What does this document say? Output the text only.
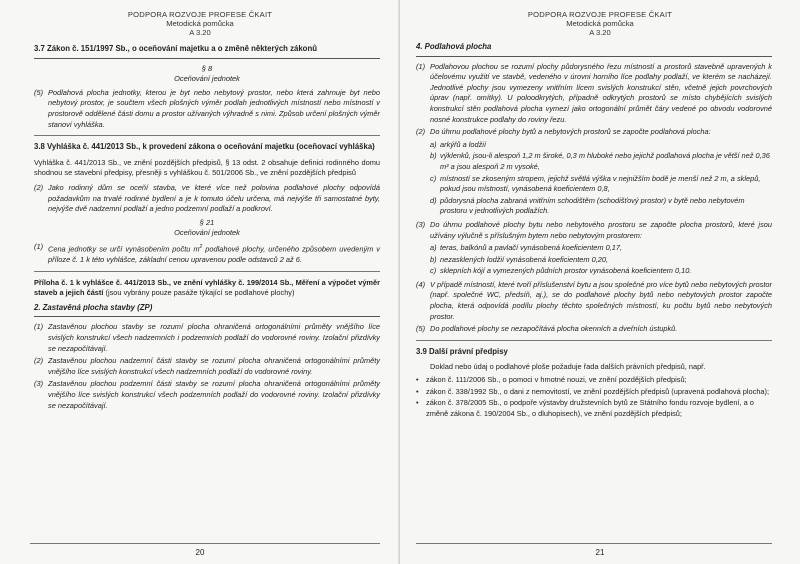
PODPORA ROZVOJE PROFESE ČKAIT
Metodická pomůcka
A 3.20
3.7 Zákon č. 151/1997 Sb., o oceňování majetku a o změně některých zákonů
§ 8
Oceňování jednotek
(5) Podlahová plocha jednotky, kterou je byt nebo nebytový prostor, nebo která zahrnuje byt nebo nebytový prostor, je součtem všech plošných výměr podlah jednotlivých místností nebo místností v prostorově oddělené části domu a prostor užívaných výhradně s nimi. Způsob určení plošných výměr stanoví vyhláška.
3.8 Vyhláška č. 441/2013 Sb., k provedení zákona o oceňování majetku (oceňovací vyhláška)
Vyhláška č. 441/2013 Sb., ve znění pozdějších předpisů, § 13 odst. 2 obsahuje definici rodinného domu shodnou se stavební předpisy, přesněji s vyhláškou č. 501/2006 Sb., ve znění pozdějších předpisů
(2) Jako rodinný dům se oceňí stavba, ve které více než polovina podlahové plochy odpovídá požadavkům na trvalé rodinné bydlení a je k tomuto účelu určena, má nejvýše tři samostatné byty, nejvýše dvě nadzemní podlaží a jedno podzemní podlaží a podkroví.
§ 21
Oceňování jednotek
(1) Cena jednotky se určí vynásobením počtu $m^2$ podlahové plochy, určeného způsobem uvedeným v příloze č. 1 k této vyhlášce, základní cenou upravenou podle odstavců 2 až 6.
Příloha č. 1 k vyhlášce č. 441/2013 Sb., ve znění vyhlášky č. 199/2014 Sb., Měření a výpočet výměr staveb a jejich částí (jsou vybrány pouze pasáže týkající se podlahové plochy)
2. Zastavěná plocha stavby (ZP)
(1) Zastavěnou plochou stavby se rozumí plocha ohraničená ortogonálními průměty vnějšího líce svislých konstrukcí všech nadzemních i podzemních podlaží do vodorovné roviny. Izolační přizdívky se nezapočítávají.
(2) Zastavěnou plochou nadzemní části stavby se rozumí plocha ohraničená ortogonálními průměty vnějšího líce svislých konstrukcí všech nadzemních podlaží do vodorovné roviny.
(3) Zastavěnou plochou podzemní části stavby se rozumí plocha ohraničená ortogonálními průměty vnějšího líce svislých konstrukcí všech podzemních podlaží do vodorovné roviny. Izolační přizdívky se nezapočítávají.
20
PODPORA ROZVOJE PROFESE ČKAIT
Metodická pomůcka
A 3.20
4. Podlahová plocha
(1) Podlahovou plochou se rozumí plochy půdorysného řezu místností a prostorů stavebně upravených k účelovému využití ve stavbě, vedeného v úrovni horního líce podlahy podlaží, ve kterém se nacházejí. Jednotlivé plochy jsou vymezeny vnitřním lícem svislých konstrukcí stěn, včetně jejich povrchových úprav (např. omítky). U poloodkrytých, případně odkrytých prostorů se místo chybějících svislých konstrukcí stěn podlahová plocha vymezí jako ortogonální průmět čáry vedené po obvodu vodorovné nosné konstrukce podlahy do roviny řezu.
(2) Do úhrnu podlahové plochy bytů a nebytových prostorů se započte podlahová plocha:
a) arkýřů a lodžií
b) výklenků, jsou-li alespoň 1,2 m široké, 0,3 m hluboké nebo jejichž podlahová plocha je větší než 0,36 m² a jsou alespoň 2 m vysoké,
c) místností se zkoseným stropem, jejichž světlá výška v nejnižším bodě je menší než 2 m, a sklepů, pokud jsou místností, vynásobená koeficientem 0,8,
d) půdorysná plocha zabraná vnitřním schodištěm (schodišťový prostor) v bytě nebo nebytovém prostoru v jednotlivých podlažích.
(3) Do úhrnu podlahové plochy bytu nebo nebytového prostoru se započte plocha prostorů, které jsou užívány výlučně s příslušným bytem nebo nebytovým prostorem:
a) teras, balkónů a pavlačí vynásobená koeficientem 0,17,
b) nezasklených lodžií vynásobená koeficientem 0,20,
c) sklepních kójí a vymezených půdních prostor vynásobená koeficientem 0,10.
(4) V případě místností, které tvoří příslušenství bytu a jsou společné pro více bytů nebo nebytových prostor (např. společné WC, předsíň, aj.), se do podlahové plochy bytů nebo nebytových prostor započte plocha, která odpovídá podílu plochy těchto společných místností, ku počtu bytů nebo nebytových prostor.
(5) Do podlahové plochy se nezapočítává plocha okenních a dveřních ústupků.
3.9 Další právní předpisy
Doklad nebo údaj o podlahové ploše požaduje řada dalších právních předpisů, např.
•	zákon č. 111/2006 Sb., o pomoci v hmotné nouzi, ve znění pozdějších předpisů;
•	zákon č. 338/1992 Sb., o dani z nemovitostí, ve znění pozdějších předpisů (upravená podlahová plocha);
•	zákon č. 378/2005 Sb., o podpoře výstavby družstevních bytů ze Státního fondu rozvoje bydlení, a o změně zákona č. 190/2004 Sb., o dluhopisech), ve znění pozdějších předpisů;
21
